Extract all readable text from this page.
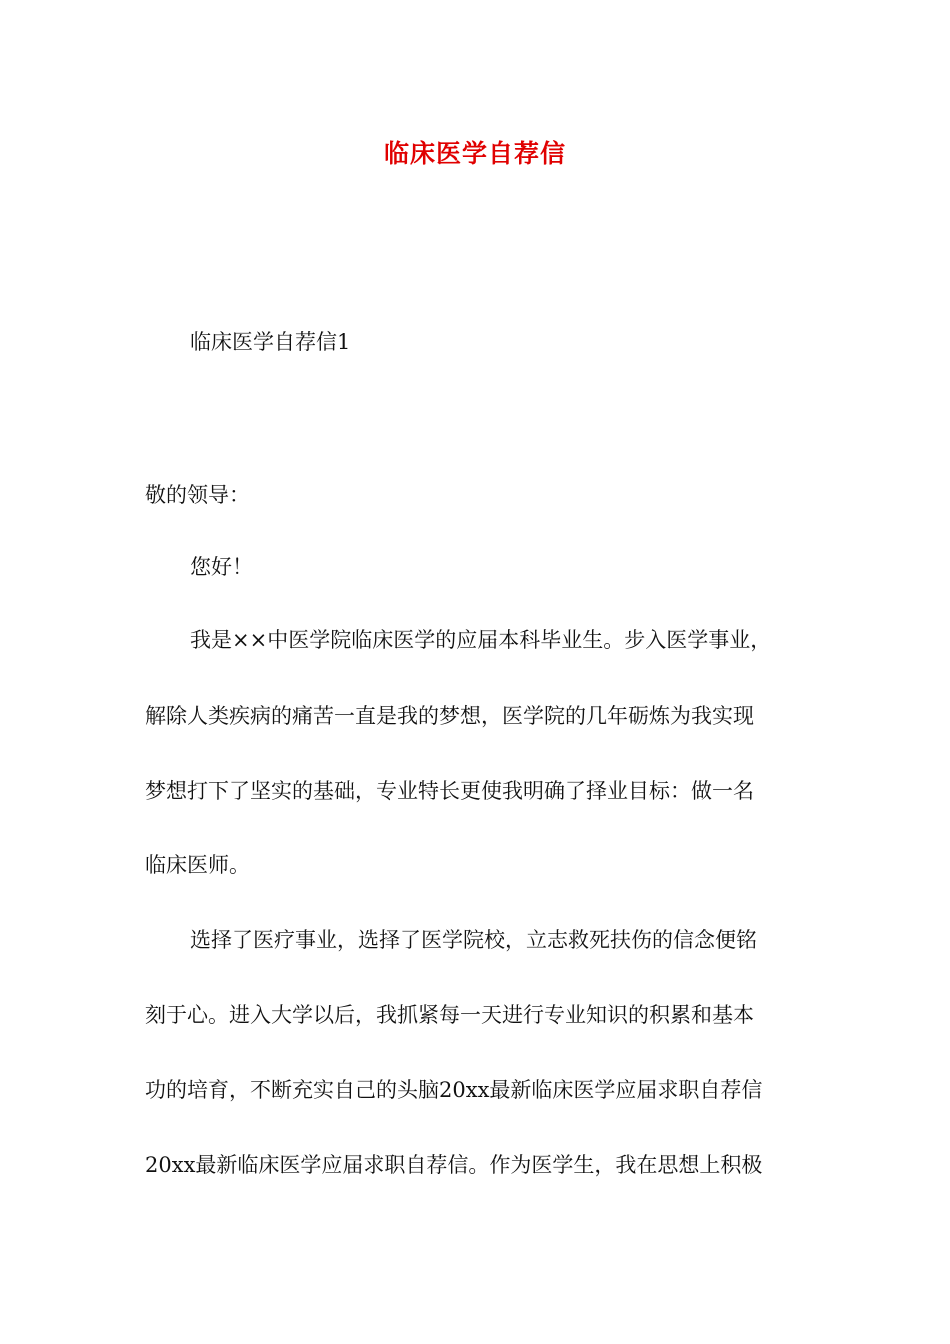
临床医学自荐信
临床医学自荐信1
敬的领导：
您好！
我是××中医学院临床医学的应届本科毕业生。步入医学事业，
解除人类疾病的痛苦一直是我的梦想，医学院的几年砺炼为我实现
梦想打下了坚实的基础，专业特长更使我明确了择业目标：做一名
临床医师。
选择了医疗事业，选择了医学院校，立志救死扶伤的信念便铭
刻于心。进入大学以后，我抓紧每一天进行专业知识的积累和基本
功的培育，不断充实自己的头脑20xx最新临床医学应届求职自荐信
20xx最新临床医学应届求职自荐信。作为医学生，我在思想上积极
